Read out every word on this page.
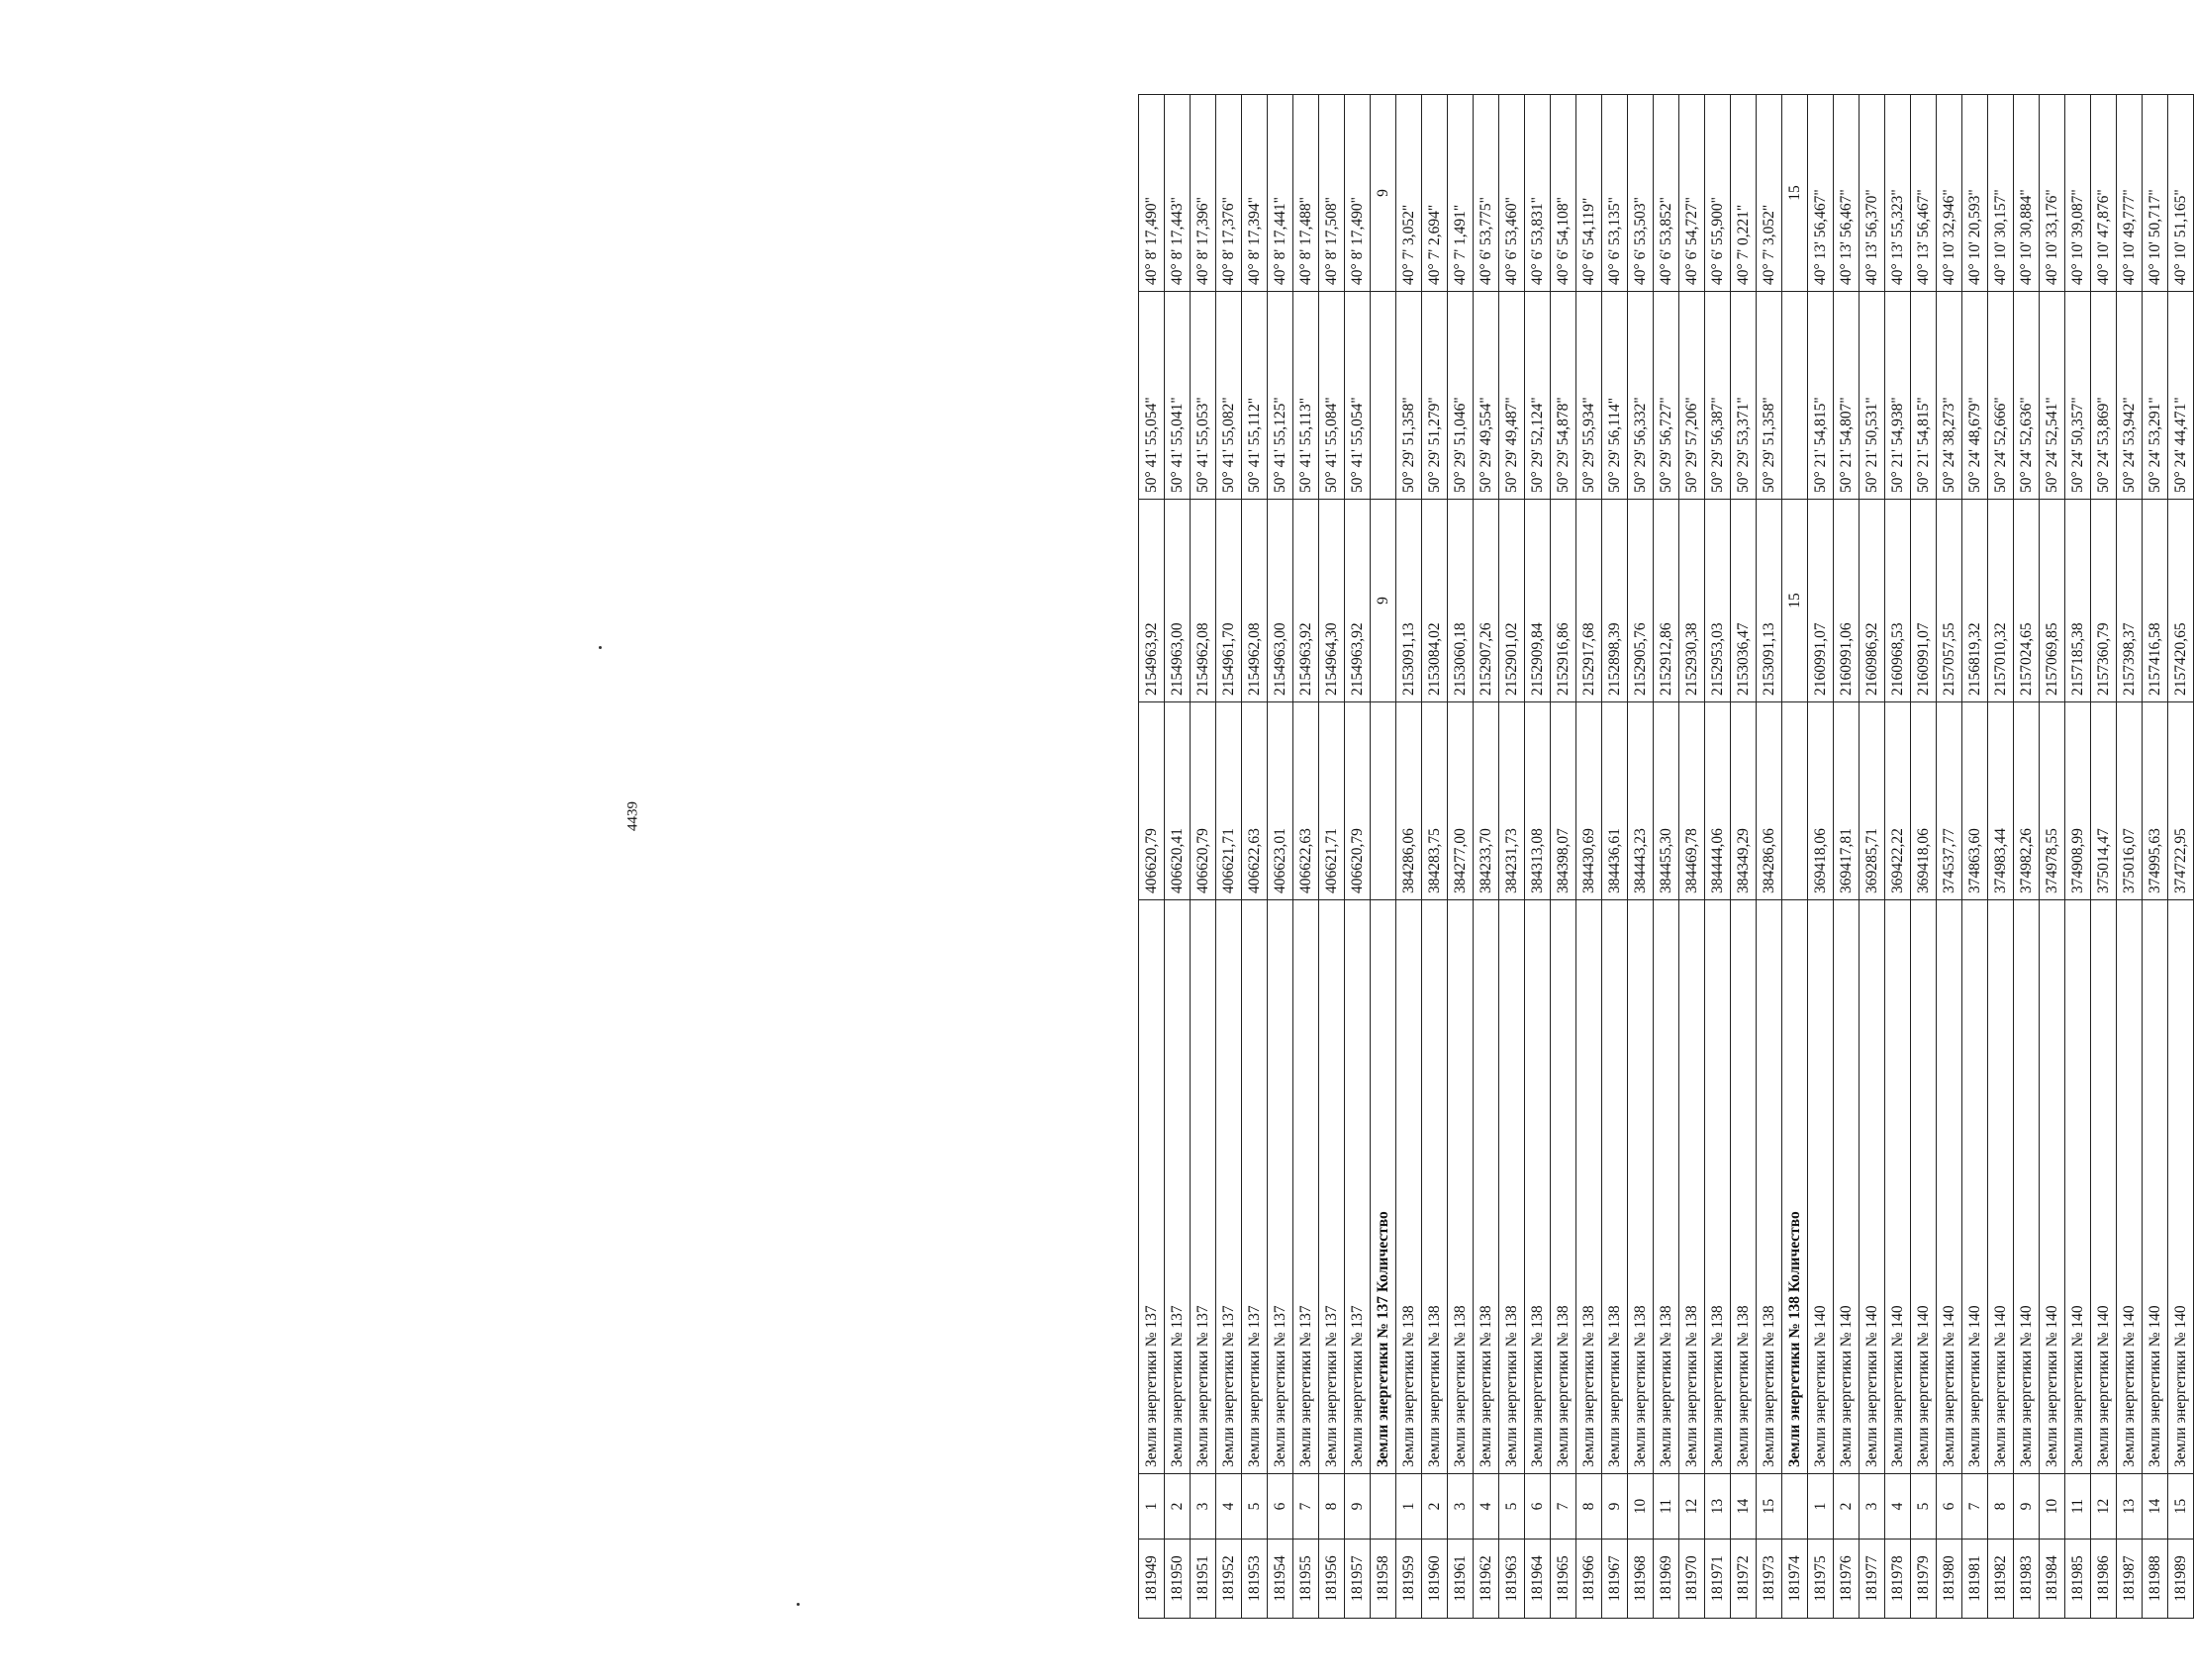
4439
181949	1	Земли энергетики № 137	406620,79	2154963,92	50° 41' 55,054"	40° 8' 17,490"
181950	2	Земли энергетики № 137	406620,41	2154963,00	50° 41' 55,041"	40° 8' 17,443"
181951	3	Земли энергетики № 137	406620,79	2154962,08	50° 41' 55,053"	40° 8' 17,396"
181952	4	Земли энергетики № 137	406621,71	2154961,70	50° 41' 55,082"	40° 8' 17,376"
181953	5	Земли энергетики № 137	406622,63	2154962,08	50° 41' 55,112"	40° 8' 17,394"
181954	6	Земли энергетики № 137	406623,01	2154963,00	50° 41' 55,125"	40° 8' 17,441"
181955	7	Земли энергетики № 137	406622,63	2154963,92	50° 41' 55,113"	40° 8' 17,488"
181956	8	Земли энергетики № 137	406621,71	2154964,30	50° 41' 55,084"	40° 8' 17,508"
181957	9	Земли энергетики № 137	406620,79	2154963,92	50° 41' 55,054"	40° 8' 17,490"
181958		Земли энергетики № 137 Количество		9		9
181959	1	Земли энергетики № 138	384286,06	2153091,13	50° 29' 51,358"	40° 7' 3,052"
181960	2	Земли энергетики № 138	384283,75	2153084,02	50° 29' 51,279"	40° 7' 2,694"
181961	3	Земли энергетики № 138	384277,00	2153060,18	50° 29' 51,046"	40° 7' 1,491"
181962	4	Земли энергетики № 138	384233,70	2152907,26	50° 29' 49,554"	40° 6' 53,775"
181963	5	Земли энергетики № 138	384231,73	2152901,02	50° 29' 49,487"	40° 6' 53,460"
181964	6	Земли энергетики № 138	384313,08	2152909,84	50° 29' 52,124"	40° 6' 53,831"
181965	7	Земли энергетики № 138	384398,07	2152916,86	50° 29' 54,878"	40° 6' 54,108"
181966	8	Земли энергетики № 138	384430,69	2152917,68	50° 29' 55,934"	40° 6' 54,119"
181967	9	Земли энергетики № 138	384436,61	2152898,39	50° 29' 56,114"	40° 6' 53,135"
181968	10	Земли энергетики № 138	384443,23	2152905,76	50° 29' 56,332"	40° 6' 53,503"
181969	11	Земли энергетики № 138	384455,30	2152912,86	50° 29' 56,727"	40° 6' 53,852"
181970	12	Земли энергетики № 138	384469,78	2152930,38	50° 29' 57,206"	40° 6' 54,727"
181971	13	Земли энергетики № 138	384444,06	2152953,03	50° 29' 56,387"	40° 6' 55,900"
181972	14	Земли энергетики № 138	384349,29	2153036,47	50° 29' 53,371"	40° 7' 0,221"
181973	15	Земли энергетики № 138	384286,06	2153091,13	50° 29' 51,358"	40° 7' 3,052"
181974		Земли энергетики № 138 Количество		15		15
181975	1	Земли энергетики № 140	369418,06	2160991,07	50° 21' 54,815"	40° 13' 56,467"
181976	2	Земли энергетики № 140	369417,81	2160991,06	50° 21' 54,807"	40° 13' 56,467"
181977	3	Земли энергетики № 140	369285,71	2160986,92	50° 21' 50,531"	40° 13' 56,370"
181978	4	Земли энергетики № 140	369422,22	2160968,53	50° 21' 54,938"	40° 13' 55,323"
181979	5	Земли энергетики № 140	369418,06	2160991,07	50° 21' 54,815"	40° 13' 56,467"
181980	6	Земли энергетики № 140	374537,77	2157057,55	50° 24' 38,273"	40° 10' 32,946"
181981	7	Земли энергетики № 140	374863,60	2156819,32	50° 24' 48,679"	40° 10' 20,593"
181982	8	Земли энергетики № 140	374983,44	2157010,32	50° 24' 52,666"	40° 10' 30,157"
181983	9	Земли энергетики № 140	374982,26	2157024,65	50° 24' 52,636"	40° 10' 30,884"
181984	10	Земли энергетики № 140	374978,55	2157069,85	50° 24' 52,541"	40° 10' 33,176"
181985	11	Земли энергетики № 140	374908,99	2157185,38	50° 24' 50,357"	40° 10' 39,087"
181986	12	Земли энергетики № 140	375014,47	2157360,79	50° 24' 53,869"	40° 10' 47,876"
181987	13	Земли энергетики № 140	375016,07	2157398,37	50° 24' 53,942"	40° 10' 49,777"
181988	14	Земли энергетики № 140	374995,63	2157416,58	50° 24' 53,291"	40° 10' 50,717"
181989	15	Земли энергетики № 140	374722,95	2157420,65	50° 24' 44,471"	40° 10' 51,165"
